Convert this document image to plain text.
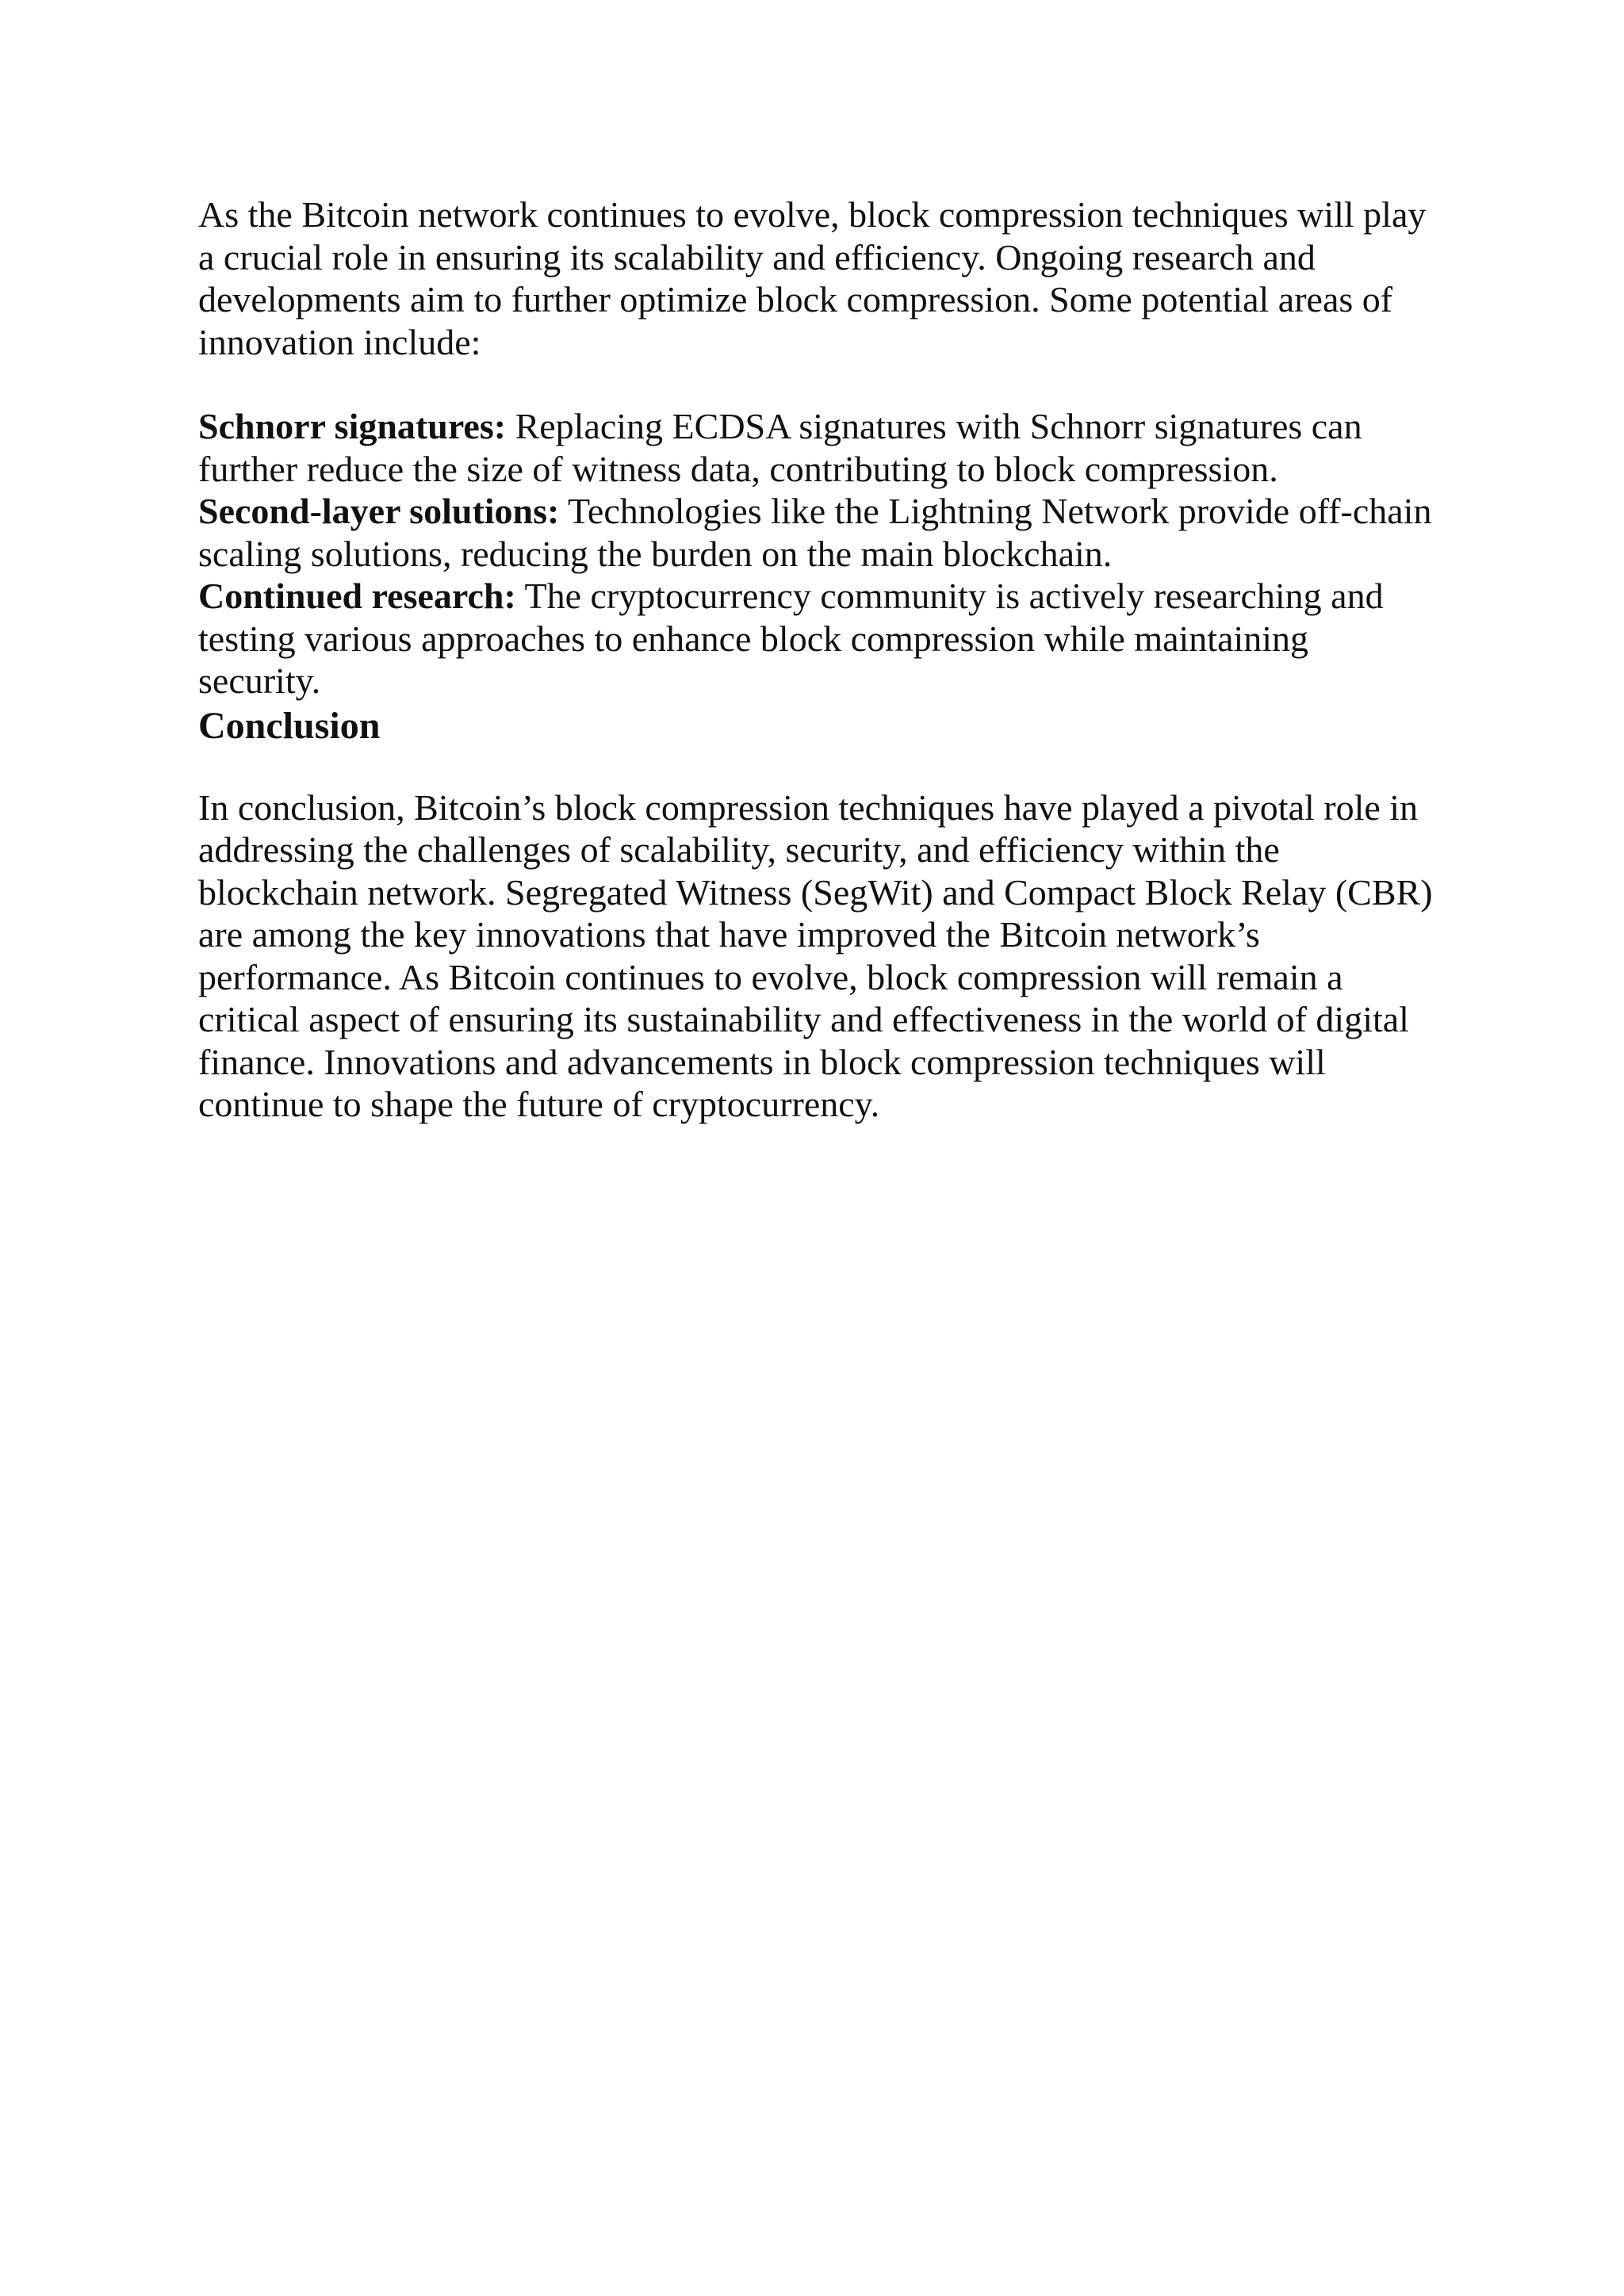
As the Bitcoin network continues to evolve, block compression techniques will play a crucial role in ensuring its scalability and efficiency. Ongoing research and developments aim to further optimize block compression. Some potential areas of innovation include:

Schnorr signatures: Replacing ECDSA signatures with Schnorr signatures can further reduce the size of witness data, contributing to block compression.

Second-layer solutions: Technologies like the Lightning Network provide off-chain scaling solutions, reducing the burden on the main blockchain.

Continued research: The cryptocurrency community is actively researching and testing various approaches to enhance block compression while maintaining security.

Conclusion

In conclusion, Bitcoin’s block compression techniques have played a pivotal role in addressing the challenges of scalability, security, and efficiency within the blockchain network. Segregated Witness (SegWit) and Compact Block Relay (CBR) are among the key innovations that have improved the Bitcoin network’s performance. As Bitcoin continues to evolve, block compression will remain a critical aspect of ensuring its sustainability and effectiveness in the world of digital finance. Innovations and advancements in block compression techniques will continue to shape the future of cryptocurrency.
